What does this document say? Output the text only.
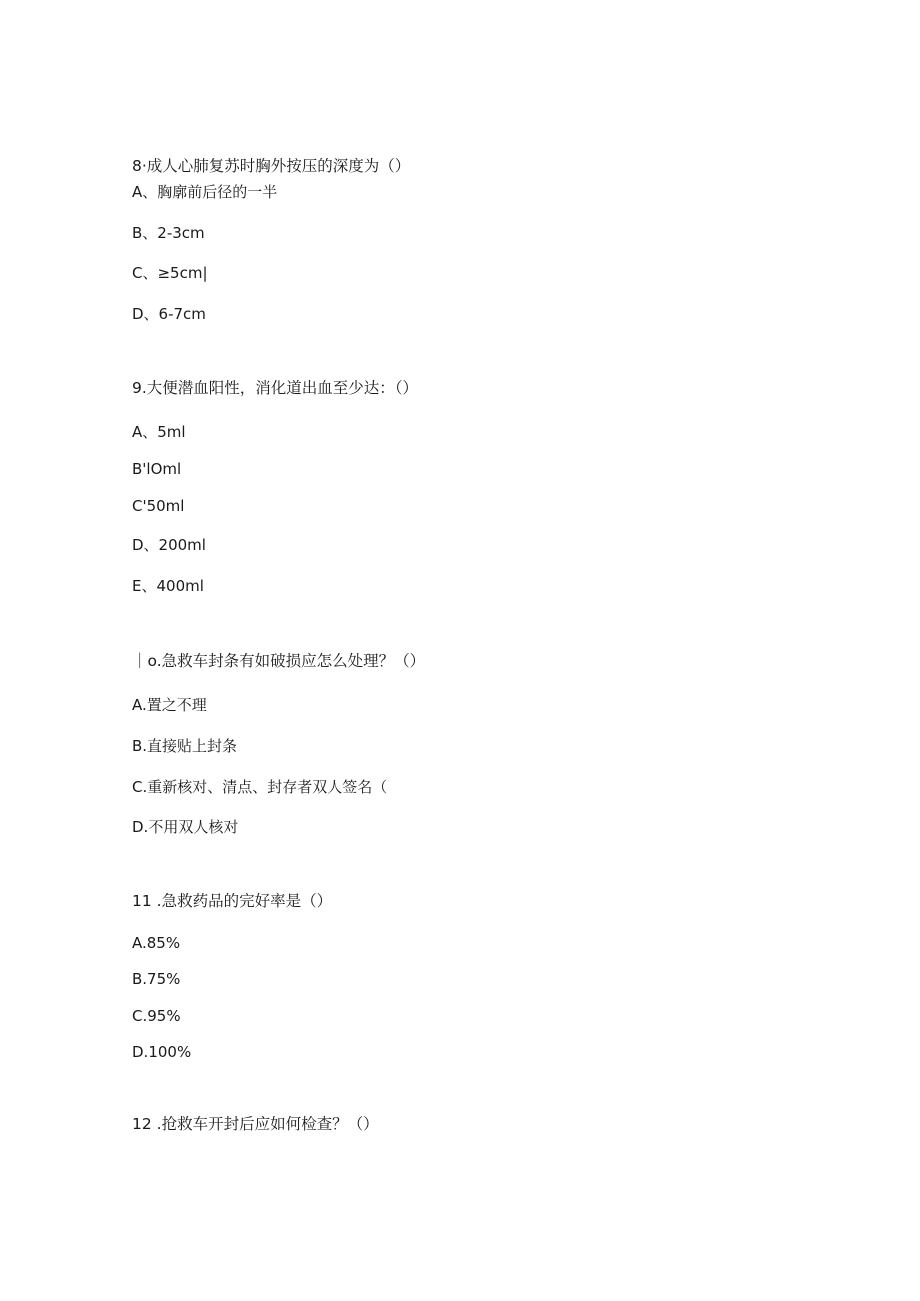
8·成人心肺复苏时胸外按压的深度为（）
A、胸廓前后径的一半
B、2-3cm
C、≥5cm|
D、6-7cm
9.大便潜血阳性，消化道出血至少达：（）
A、5ml
B'lOml
C'50ml
D、200ml
E、400ml
｜o.急救车封条有如破损应怎么处理？（）
A.置之不理
B.直接贴上封条
C.重新核对、清点、封存者双人签名（
D.不用双人核对
11 .急救药品的完好率是（）
A.85%
B.75%
C.95%
D.100%
12 .抢救车开封后应如何检查？（）
